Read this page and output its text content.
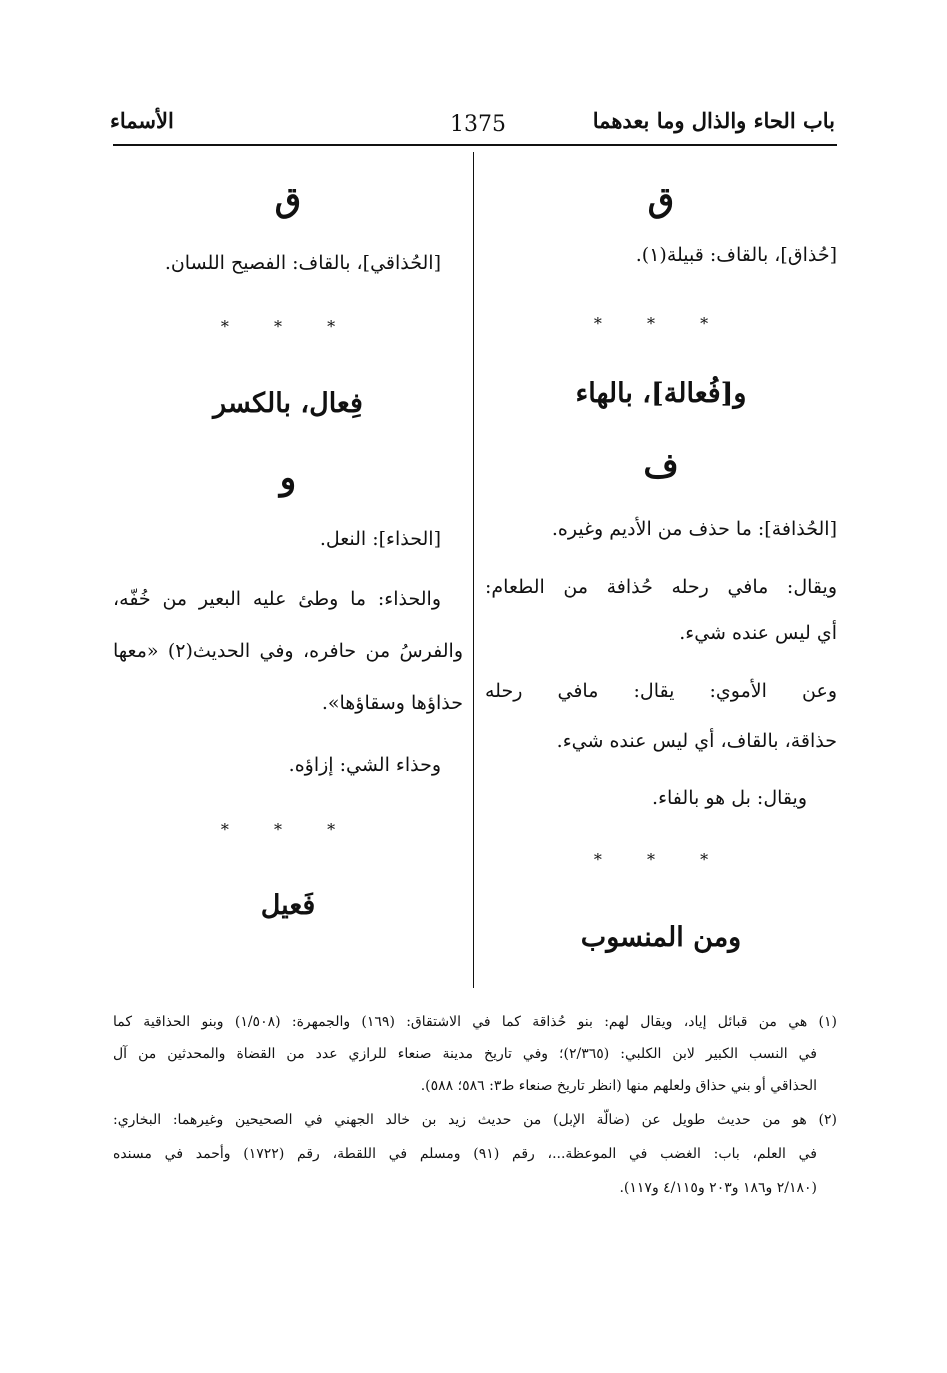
باب الحاء والذال وما بعدهما
1375
الأسماء
ق
[حُذاق]، بالقاف: قبيلة(١).
* * *
و[فُعالة]، بالهاء
ف
[الحُذافة]: ما حذف من الأديم وغيره.
ويقال: مافي رحله حُذافة من الطعام:
أي ليس عنده شيء.
وعن الأموي: يقال: مافي رحله
حذاقة، بالقاف، أي ليس عنده شيء.
ويقال: بل هو بالفاء.
* * *
ومن المنسوب
ق
[الحُذاقي]، بالقاف: الفصيح اللسان.
* * *
فِعال، بالكسر
و
[الحذاء]: النعل.
والحذاء: ما وطئ عليه البعير من خُفّه،
والفرسُ من حافره، وفي الحديث(٢) «معها
حذاؤها وسقاؤها».
وحذاء الشي: إزاؤه.
* * *
فَعيل
(١) هي من قبائل إياد، ويقال لهم: بنو حُذاقة كما في الاشتقاق: (١٦٩) والجمهرة: (١/٥٠٨) وبنو الحذاقية كما
في النسب الكبير لابن الكلبي: (٢/٣٦٥)؛ وفي تاريخ مدينة صنعاء للرازي عدد من القضاة والمحدثين من آل
الحذاقي أو بني حذاق ولعلهم منها (انظر تاريخ صنعاء ط٣: ٥٨٦؛ ٥٨٨).
(٢) هو من حديث طويل عن (ضالّة الإبل) من حديث زيد بن خالد الجهني في الصحيحين وغيرهما: البخاري:
في العلم، باب: الغضب في الموعظة...، رقم (٩١) ومسلم في اللقطة، رقم (١٧٢٢) وأحمد في مسنده
(٢/١٨٠ و١٨٦ و٢٠٣ و٤/١١٥ و١١٧).
